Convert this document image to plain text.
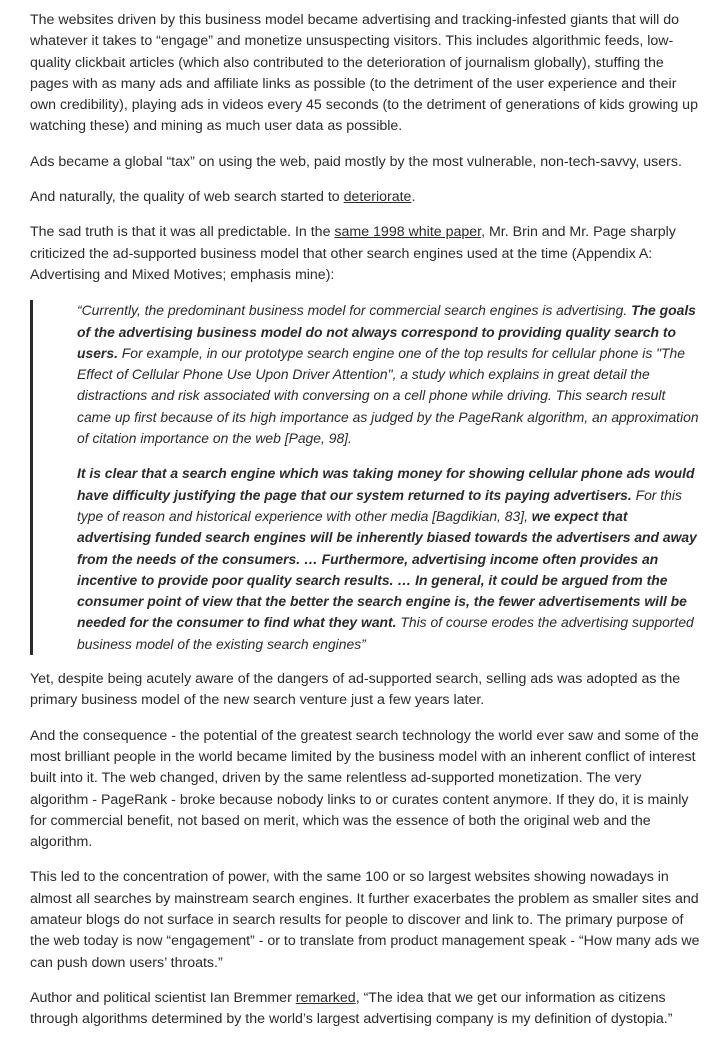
The websites driven by this business model became advertising and tracking-infested giants that will do whatever it takes to “engage” and monetize unsuspecting visitors. This includes algorithmic feeds, low-quality clickbait articles (which also contributed to the deterioration of journalism globally), stuffing the pages with as many ads and affiliate links as possible (to the detriment of the user experience and their own credibility), playing ads in videos every 45 seconds (to the detriment of generations of kids growing up watching these) and mining as much user data as possible.

Ads became a global “tax” on using the web, paid mostly by the most vulnerable, non-tech-savvy, users.

And naturally, the quality of web search started to deteriorate.

The sad truth is that it was all predictable. In the same 1998 white paper, Mr. Brin and Mr. Page sharply criticized the ad-supported business model that other search engines used at the time (Appendix A: Advertising and Mixed Motives; emphasis mine):

“Currently, the predominant business model for commercial search engines is advertising. The goals of the advertising business model do not always correspond to providing quality search to users. For example, in our prototype search engine one of the top results for cellular phone is "The Effect of Cellular Phone Use Upon Driver Attention", a study which explains in great detail the distractions and risk associated with conversing on a cell phone while driving. This search result came up first because of its high importance as judged by the PageRank algorithm, an approximation of citation importance on the web [Page, 98].

It is clear that a search engine which was taking money for showing cellular phone ads would have difficulty justifying the page that our system returned to its paying advertisers. For this type of reason and historical experience with other media [Bagdikian, 83], we expect that advertising funded search engines will be inherently biased towards the advertisers and away from the needs of the consumers. … Furthermore, advertising income often provides an incentive to provide poor quality search results. … In general, it could be argued from the consumer point of view that the better the search engine is, the fewer advertisements will be needed for the consumer to find what they want. This of course erodes the advertising supported business model of the existing search engines”

Yet, despite being acutely aware of the dangers of ad-supported search, selling ads was adopted as the primary business model of the new search venture just a few years later.

And the consequence - the potential of the greatest search technology the world ever saw and some of the most brilliant people in the world became limited by the business model with an inherent conflict of interest built into it. The web changed, driven by the same relentless ad-supported monetization. The very algorithm - PageRank - broke because nobody links to or curates content anymore. If they do, it is mainly for commercial benefit, not based on merit, which was the essence of both the original web and the algorithm.

This led to the concentration of power, with the same 100 or so largest websites showing nowadays in almost all searches by mainstream search engines. It further exacerbates the problem as smaller sites and amateur blogs do not surface in search results for people to discover and link to. The primary purpose of the web today is now “engagement” - or to translate from product management speak - “How many ads we can push down users’ throats.”

Author and political scientist Ian Bremmer remarked, “The idea that we get our information as citizens through algorithms determined by the world’s largest advertising company is my definition of dystopia.”
